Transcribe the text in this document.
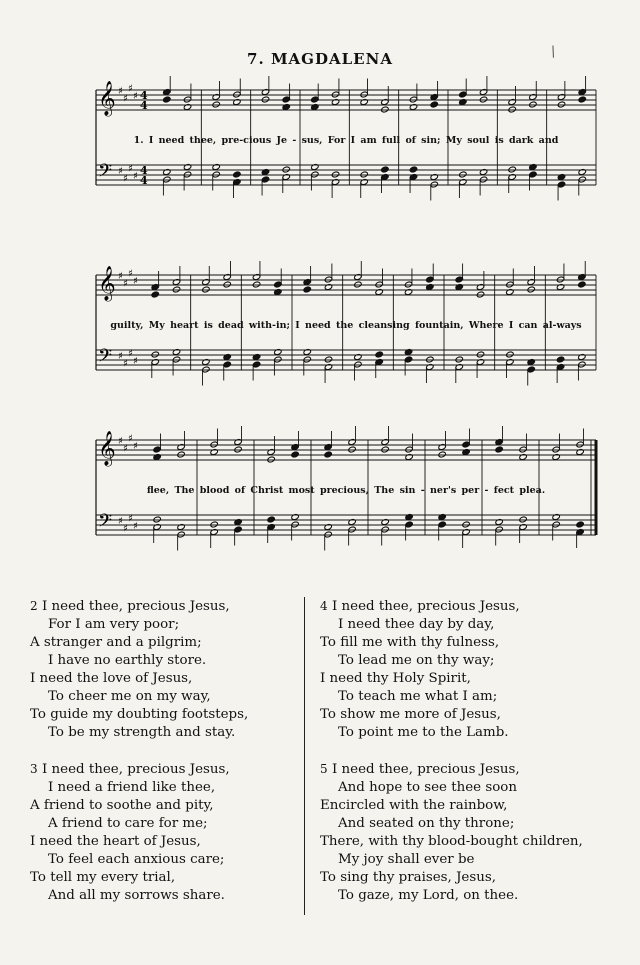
7. MAGDALENA
𝄞
𝄢
♯
♯
♯
♯
♯
♯
♯
♯
4
4
4
4
1. I need thee, pre-cious Je - sus, For I am full of sin; My soul is dark and
𝄞
𝄢
♯
♯
♯
♯
♯
♯
♯
♯
guilty, My heart is dead with-in; I need the cleansing fountain, Where I can al-ways
𝄞
𝄢
♯
♯
♯
♯
♯
♯
♯
♯
flee, The blood of Christ most precious, The sin - ner's per - fect plea.
/
2 I need thee, precious Jesus,
For I am very poor;
A stranger and a pilgrim;
I have no earthly store.
I need the love of Jesus,
To cheer me on my way,
To guide my doubting footsteps,
To be my strength and stay.
3 I need thee, precious Jesus,
I need a friend like thee,
A friend to soothe and pity,
A friend to care for me;
I need the heart of Jesus,
To feel each anxious care;
To tell my every trial,
And all my sorrows share.
4 I need thee, precious Jesus,
I need thee day by day,
To fill me with thy fulness,
To lead me on thy way;
I need thy Holy Spirit,
To teach me what I am;
To show me more of Jesus,
To point me to the Lamb.
5 I need thee, precious Jesus,
And hope to see thee soon
Encircled with the rainbow,
And seated on thy throne;
There, with thy blood-bought children,
My joy shall ever be
To sing thy praises, Jesus,
To gaze, my Lord, on thee.
